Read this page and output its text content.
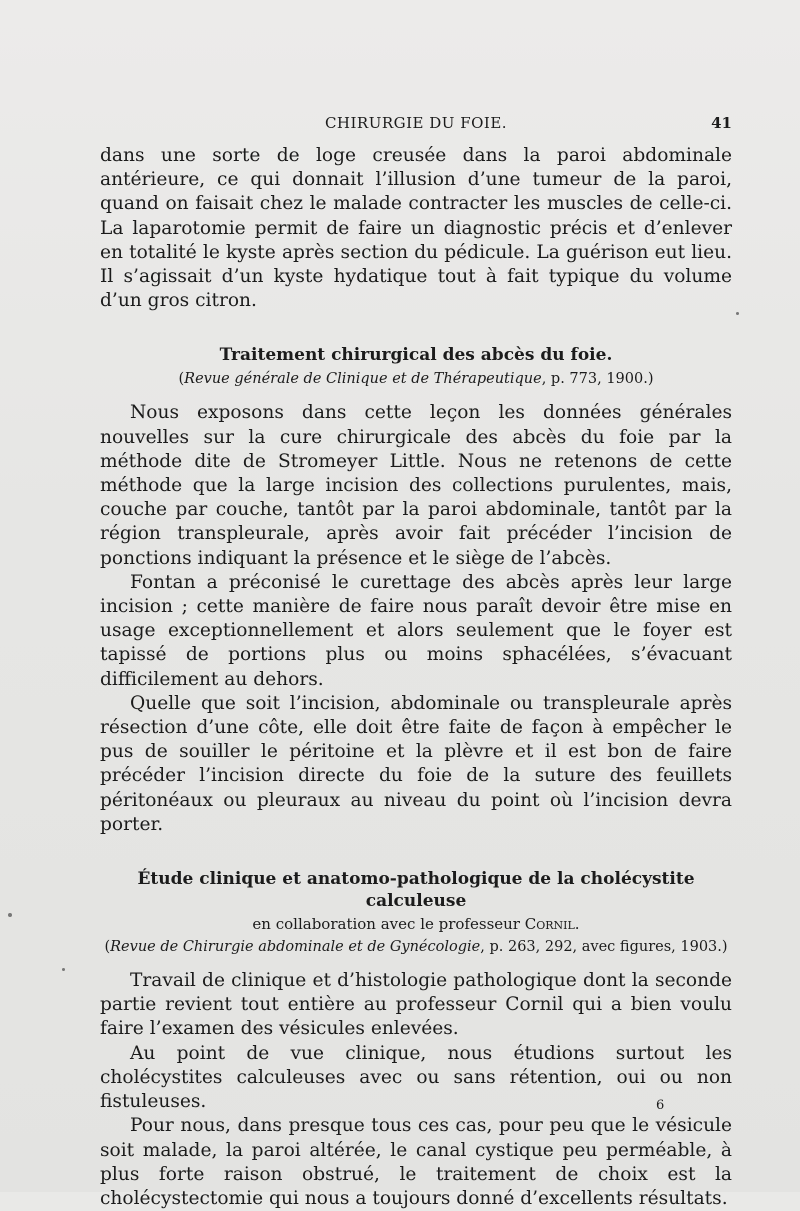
CHIRURGIE DU FOIE.	41

dans une sorte de loge creusée dans la paroi abdominale antérieure, ce qui donnait l’illusion d’une tumeur de la paroi, quand on faisait chez le malade contracter les muscles de celle-ci. La laparotomie permit de faire un diagnostic précis et d’enlever en totalité le kyste après section du pédicule. La guérison eut lieu. Il s’agissait d’un kyste hydatique tout à fait typique du volume d’un gros citron.

Traitement chirurgical des abcès du foie.
(Revue générale de Clinique et de Thérapeutique, p. 773, 1900.)

Nous exposons dans cette leçon les données générales nouvelles sur la cure chirurgicale des abcès du foie par la méthode dite de Stromeyer Little. Nous ne retenons de cette méthode que la large incision des collections purulentes, mais, couche par couche, tantôt par la paroi abdominale, tantôt par la région transpleurale, après avoir fait précéder l’incision de ponctions indiquant la présence et le siège de l’abcès.

Fontan a préconisé le curettage des abcès après leur large incision ; cette manière de faire nous paraît devoir être mise en usage exceptionnellement et alors seulement que le foyer est tapissé de portions plus ou moins sphacélées, s’évacuant difficilement au dehors.

Quelle que soit l’incision, abdominale ou transpleurale après résection d’une côte, elle doit être faite de façon à empêcher le pus de souiller le péritoine et la plèvre et il est bon de faire précéder l’incision directe du foie de la suture des feuillets péritonéaux ou pleuraux au niveau du point où l’incision devra porter.

Étude clinique et anatomo-pathologique de la cholécystite calculeuse
en collaboration avec le professeur Cornil.
(Revue de Chirurgie abdominale et de Gynécologie, p. 263, 292, avec figures, 1903.)

Travail de clinique et d’histologie pathologique dont la seconde partie revient tout entière au professeur Cornil qui a bien voulu faire l’examen des vésicules enlevées.

Au point de vue clinique, nous étudions surtout les cholécystites calculeuses avec ou sans rétention, oui ou non fistuleuses.

Pour nous, dans presque tous ces cas, pour peu que le vésicule soit malade, la paroi altérée, le canal cystique peu perméable, à plus forte raison obstrué, le traitement de choix est la cholécystectomie qui nous a toujours donné d’excellents résultats.

6
